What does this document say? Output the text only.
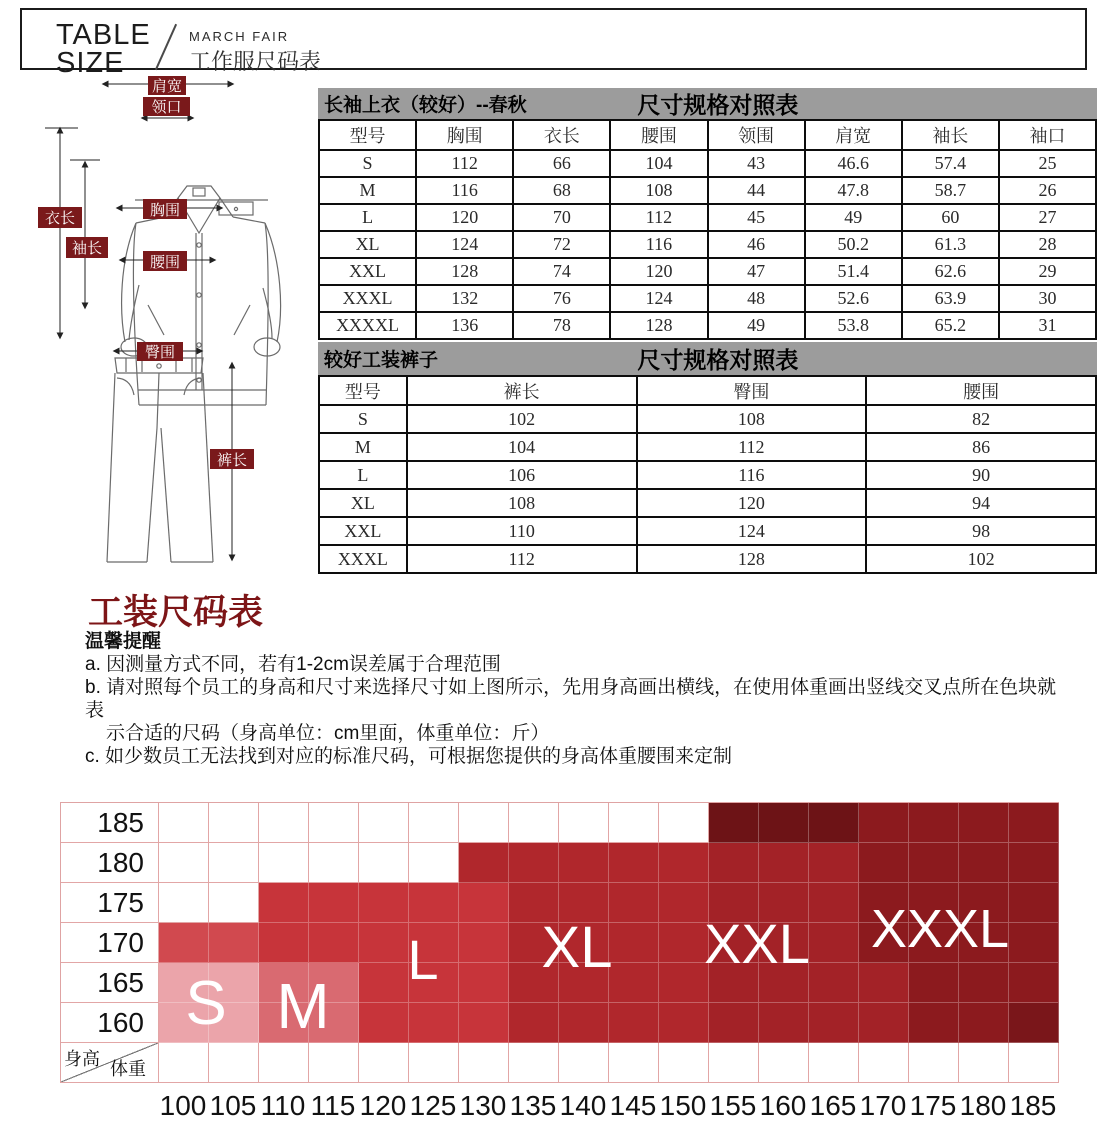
TABLE
SIZE
MARCH FAIR
工作服尺码表
肩宽
领口
衣长
袖长
胸围
腰围
臀围
裤长
长袖上衣（较好）--春秋	尺寸规格对照表
型号	胸围	衣长	腰围	领围	肩宽	袖长	袖口
S	112	66	104	43	46.6	57.4	25
M	116	68	108	44	47.8	58.7	26
L	120	70	112	45	49	60	27
XL	124	72	116	46	50.2	61.3	28
XXL	128	74	120	47	51.4	62.6	29
XXXL	132	76	124	48	52.6	63.9	30
XXXXL	136	78	128	49	53.8	65.2	31
较好工装裤子	尺寸规格对照表
型号	裤长	臀围	腰围
S	102	108	82
M	104	112	86
L	106	116	90
XL	108	120	94
XXL	110	124	98
XXXL	112	128	102
工装尺码表
温馨提醒
a. 因测量方式不同，若有1-2cm误差属于合理范围
b. 请对照每个员工的身高和尺寸来选择尺寸如上图所示，先用身高画出横线，在使用体重画出竖线交叉点所在色块就表
示合适的尺码（身高单位：cm里面，体重单位：斤）
c. 如少数员工无法找到对应的标准尺码，可根据您提供的身高体重腰围来定制
185
180
175
170
165
160
身高 体重
100 105 110 115 120 125 130 135 140 145 150 155 160 165 170 175 180 185
S M
L XL XXL XXXL
